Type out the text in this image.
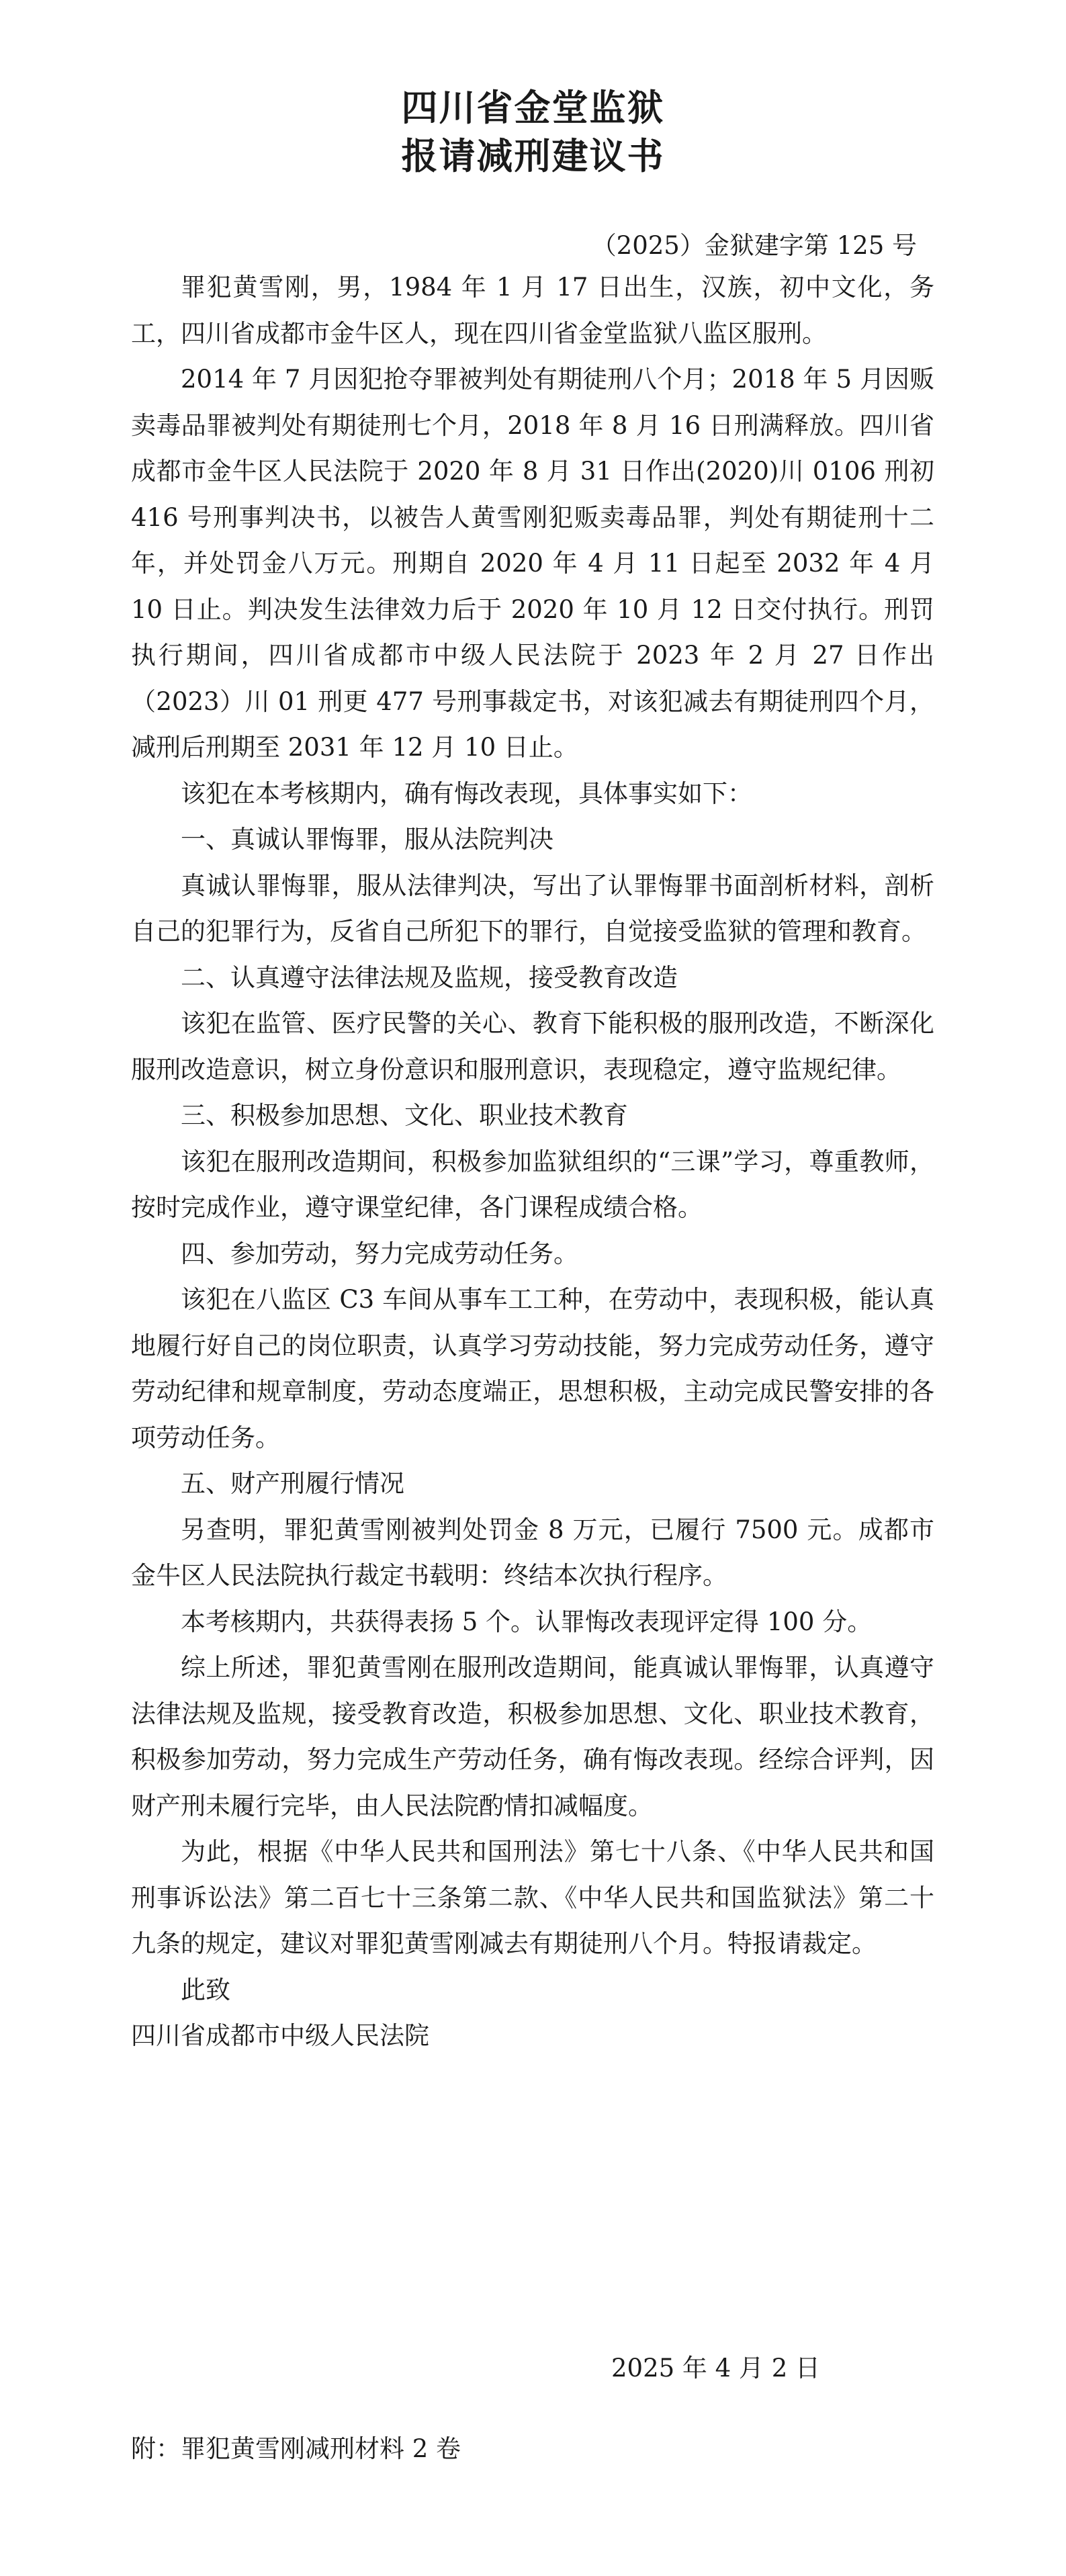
四川省金堂监狱
报请减刑建议书
（2025）金狱建字第 125 号

罪犯黄雪刚，男，1984 年 1 月 17 日出生，汉族，初中文化，务工，四川省成都市金牛区人，现在四川省金堂监狱八监区服刑。

2014 年 7 月因犯抢夺罪被判处有期徒刑八个月；2018 年 5 月因贩卖毒品罪被判处有期徒刑七个月，2018 年 8 月 16 日刑满释放。四川省成都市金牛区人民法院于 2020 年 8 月 31 日作出(2020)川 0106 刑初 416 号刑事判决书，以被告人黄雪刚犯贩卖毒品罪，判处有期徒刑十二年，并处罚金八万元。刑期自 2020 年 4 月 11 日起至 2032 年 4 月 10 日止。判决发生法律效力后于 2020 年 10 月 12 日交付执行。刑罚执行期间，四川省成都市中级人民法院于 2023 年 2 月 27 日作出（2023）川 01 刑更 477 号刑事裁定书，对该犯减去有期徒刑四个月，减刑后刑期至 2031 年 12 月 10 日止。

该犯在本考核期内，确有悔改表现，具体事实如下：

一、真诚认罪悔罪，服从法院判决

真诚认罪悔罪，服从法律判决，写出了认罪悔罪书面剖析材料，剖析自己的犯罪行为，反省自己所犯下的罪行，自觉接受监狱的管理和教育。

二、认真遵守法律法规及监规，接受教育改造

该犯在监管、医疗民警的关心、教育下能积极的服刑改造，不断深化服刑改造意识，树立身份意识和服刑意识，表现稳定，遵守监规纪律。

三、积极参加思想、文化、职业技术教育

该犯在服刑改造期间，积极参加监狱组织的“三课”学习，尊重教师，按时完成作业，遵守课堂纪律，各门课程成绩合格。

四、参加劳动，努力完成劳动任务。

该犯在八监区 C3 车间从事车工工种，在劳动中，表现积极，能认真地履行好自己的岗位职责，认真学习劳动技能，努力完成劳动任务，遵守劳动纪律和规章制度，劳动态度端正，思想积极，主动完成民警安排的各项劳动任务。

五、财产刑履行情况

另查明，罪犯黄雪刚被判处罚金 8 万元，已履行 7500 元。成都市金牛区人民法院执行裁定书载明：终结本次执行程序。

本考核期内，共获得表扬 5 个。认罪悔改表现评定得 100 分。

综上所述，罪犯黄雪刚在服刑改造期间，能真诚认罪悔罪，认真遵守法律法规及监规，接受教育改造，积极参加思想、文化、职业技术教育，积极参加劳动，努力完成生产劳动任务，确有悔改表现。经综合评判，因财产刑未履行完毕，由人民法院酌情扣减幅度。

为此，根据《中华人民共和国刑法》第七十八条、《中华人民共和国刑事诉讼法》第二百七十三条第二款、《中华人民共和国监狱法》第二十九条的规定，建议对罪犯黄雪刚减去有期徒刑八个月。特报请裁定。

此致

四川省成都市中级人民法院

2025 年 4 月 2 日
附：罪犯黄雪刚减刑材料 2 卷
